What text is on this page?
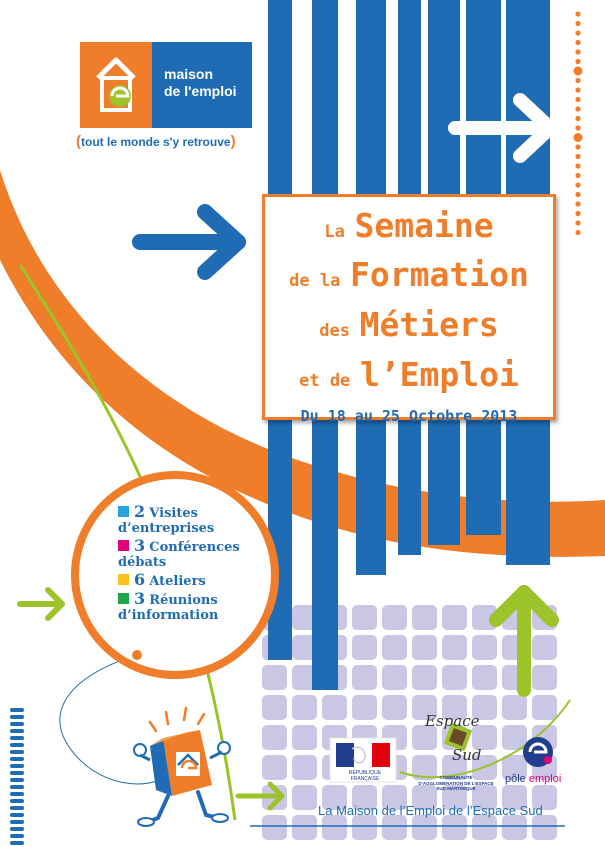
maison
de l'emploi
(tout le monde s'y retrouve)
La Semaine
de la Formation
des Métiers
et de l’Emploi
Du 18 au 25 Octobre 2013
2 Visites d’entreprises
3 Conférences débats
6 Ateliers
3 Réunions d’information
RÉPUBLIQUE FRANÇAISE
Espace
Sud
COMMUNAUTÉ D’AGGLOMÉRATION DE L’ESPACE SUD MARTINIQUE
pôle emploi
La Maison de l’Emploi de l’Espace Sud
